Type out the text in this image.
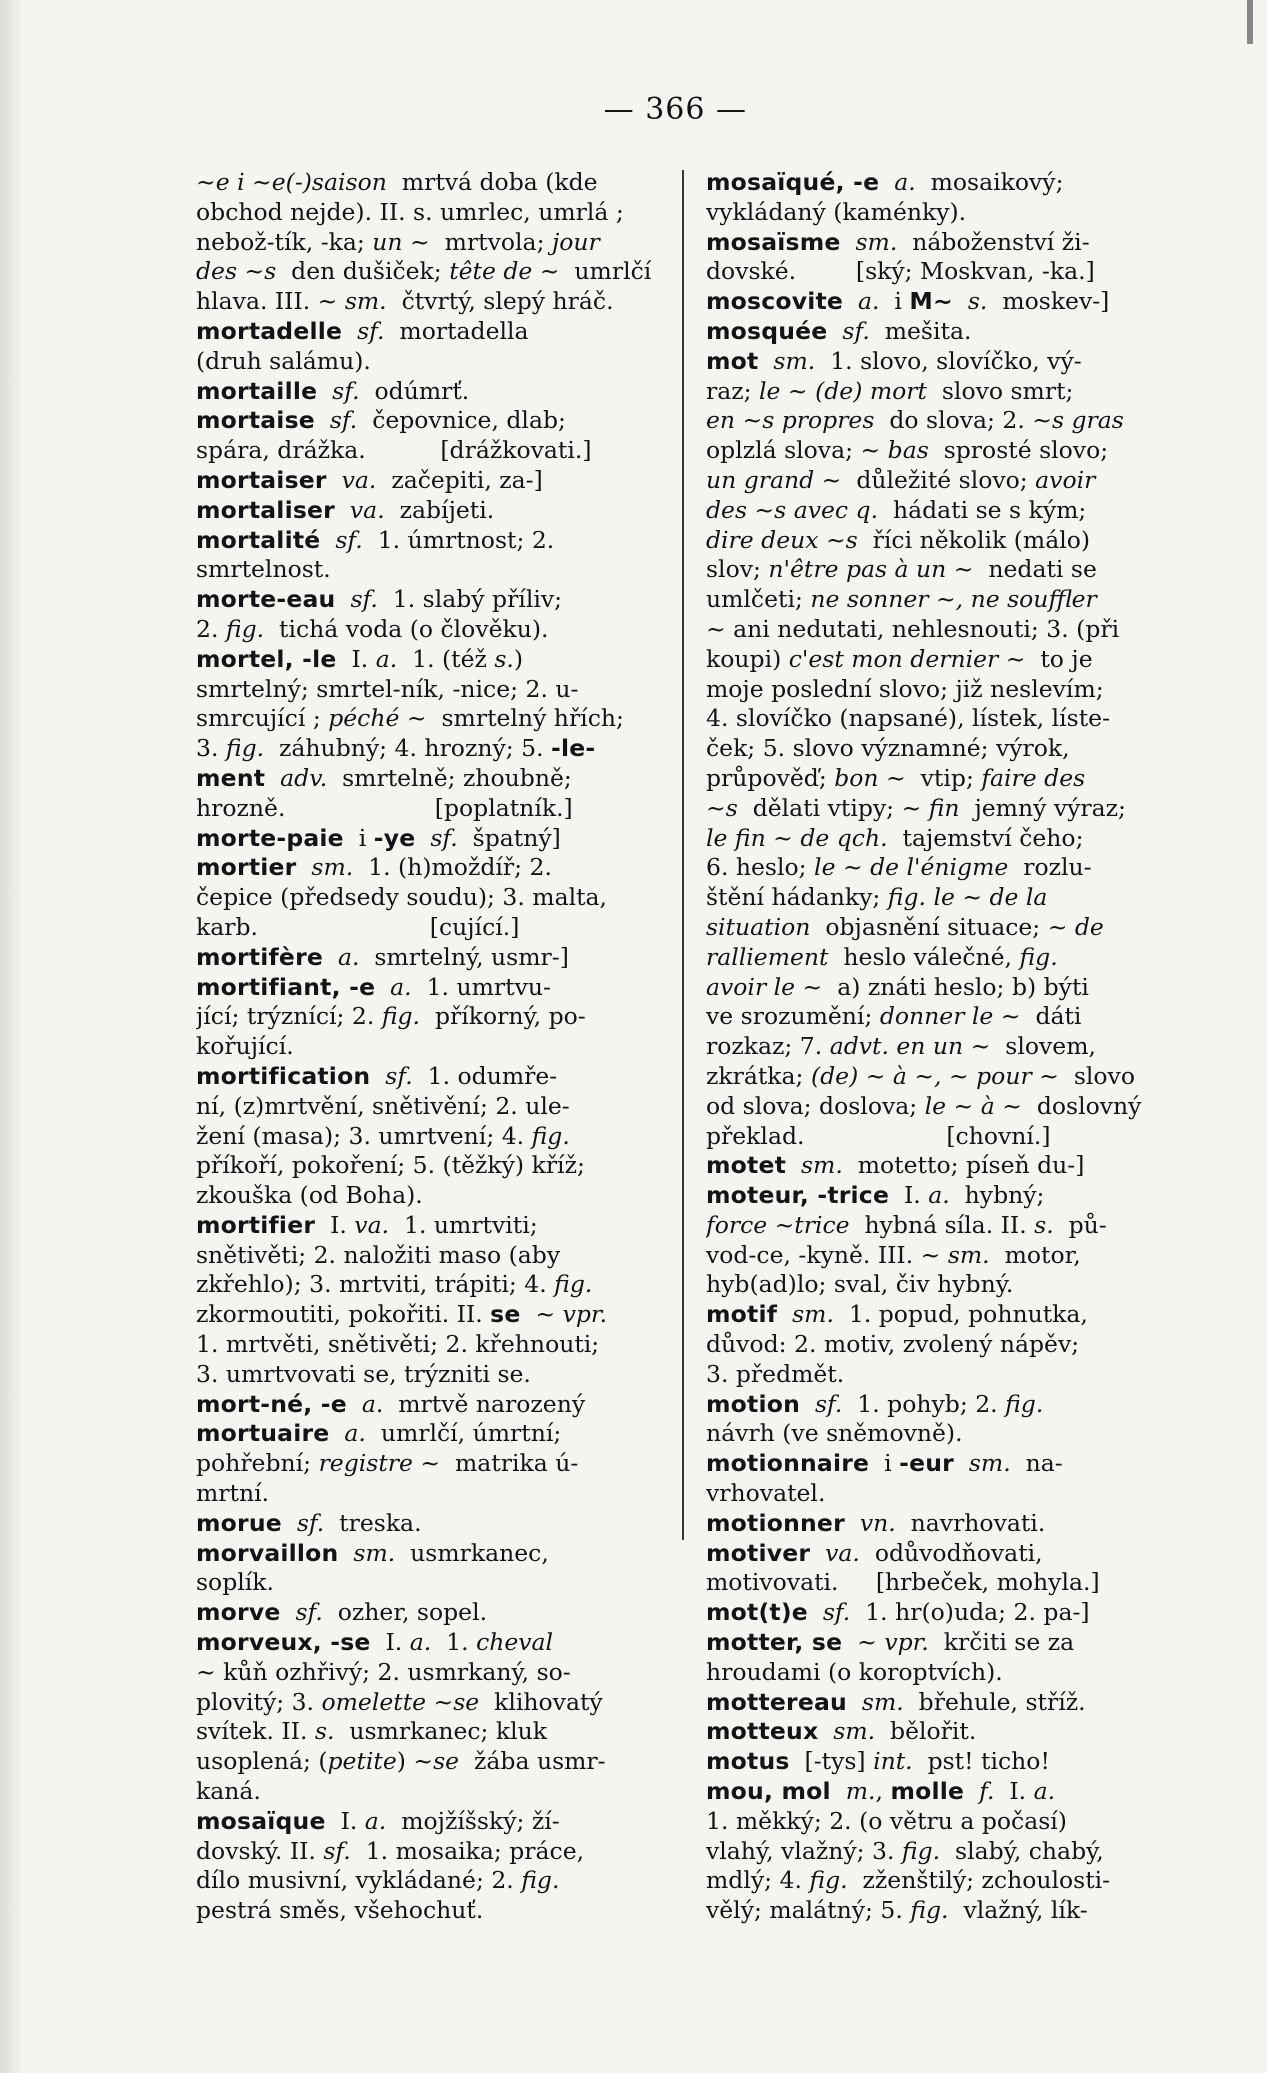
— 366 —
~e i ~e(-)saison  mrtvá doba (kde
obchod nejde). II. s. umrlec, umrlá ;
nebož-tík, -ka; un ~  mrtvola; jour
des ~s  den dušiček; tête de ~  umrlčí
hlava. III. ~ sm.  čtvrtý, slepý hráč.
mortadelle sf.  mortadella
(druh salámu).
mortaille sf.  odúmrť.
mortaise sf.  čepovnice, dlab;
spára, drážka.          [drážkovati.]
mortaiser va.  začepiti, za-]
mortaliser va.  zabíjeti.
mortalité sf.  1. úmrtnost; 2.
smrtelnost.
morte-eau sf.  1. slabý příliv;
2. fig.  tichá voda (o člověku).
mortel, -le  I. a.  1. (též s.)
smrtelný; smrtel-ník, -nice; 2. u-
smrcující ; péché ~  smrtelný hřích;
3. fig.  záhubný; 4. hrozný; 5. -le-
ment adv.  smrtelně; zhoubně;
hrozně.                    [poplatník.]
morte-paie  i -ye sf.  špatný]
mortier sm.  1. (h)moždíř; 2.
čepice (předsedy soudu); 3. malta,
karb.                       [cující.]
mortifère a.  smrtelný, usmr-]
mortifiant, -e a.  1. umrtvu-
jící; trýznící; 2. fig.  příkorný, po-
kořující.
mortification sf.  1. odumře-
ní, (z)mrtvění, snětivění; 2. ule-
žení (masa); 3. umrtvení; 4. fig.
příkoří, pokoření; 5. (těžký) kříž;
zkouška (od Boha).
mortifier  I. va.  1. umrtviti;
snětivěti; 2. naložiti maso (aby
zkřehlo); 3. mrtviti, trápiti; 4. fig.
zkormoutiti, pokořiti. II. se  ~ vpr.
1. mrtvěti, snětivěti; 2. křehnouti;
3. umrtvovati se, trýzniti se.
mort-né, -e a.  mrtvě narozený
mortuaire a.  umrlčí, úmrtní;
pohřební; registre ~  matrika ú-
mrtní.
morue sf.  treska.
morvaillon sm.  usmrkanec,
soplík.
morve sf.  ozher, sopel.
morveux, -se  I. a.  1. cheval
~ kůň ozhřivý; 2. usmrkaný, so-
plovitý; 3. omelette ~se  klihovatý
svítek. II. s.  usmrkanec; kluk
usoplená; (petite) ~se  žába usmr-
kaná.
mosaïque  I. a.  mojžíšský; ží-
dovský. II. sf.  1. mosaika; práce,
dílo musivní, vykládané; 2. fig.
pestrá směs, všehochuť.
mosaïqué, -e a.  mosaikový;
vykládaný (kaménky).
mosaïsme sm.  náboženství ži-
dovské.        [ský; Moskvan, -ka.]
moscovite a.  i M~ s.  moskev-]
mosquée sf.  mešita.
mot sm.  1. slovo, slovíčko, vý-
raz; le ~ (de) mort  slovo smrt;
en ~s propres  do slova; 2. ~s gras
oplzlá slova; ~ bas  sprosté slovo;
un grand ~  důležité slovo; avoir
des ~s avec q.  hádati se s kým;
dire deux ~s  říci několik (málo)
slov; n'être pas à un ~  nedati se
umlčeti; ne sonner ~, ne souffler
~ ani nedutati, nehlesnouti; 3. (při
koupi) c'est mon dernier ~  to je
moje poslední slovo; již neslevím;
4. slovíčko (napsané), lístek, líste-
ček; 5. slovo významné; výrok,
průpověď; bon ~  vtip; faire des
~s  dělati vtipy; ~ fin  jemný výraz;
le fin ~ de qch.  tajemství čeho;
6. heslo; le ~ de l'énigme  rozlu-
štění hádanky; fig. le ~ de la
situation  objasnění situace; ~ de
ralliement  heslo válečné, fig.
avoir le ~  a) znáti heslo; b) býti
ve srozumění; donner le ~  dáti
rozkaz; 7. advt. en un ~  slovem,
zkrátka; (de) ~ à ~, ~ pour ~  slovo
od slova; doslova; le ~ à ~  doslovný
překlad.                   [chovní.]
motet sm.  motetto; píseň du-]
moteur, -trice  I. a.  hybný;
force ~trice  hybná síla. II. s.  pů-
vod-ce, -kyně. III. ~ sm.  motor,
hyb(ad)lo; sval, čiv hybný.
motif sm.  1. popud, pohnutka,
důvod: 2. motiv, zvolený nápěv;
3. předmět.
motion sf.  1. pohyb; 2. fig.
návrh (ve sněmovně).
motionnaire  i -eur sm.  na-
vrhovatel.
motionner vn.  navrhovati.
motiver va.  odůvodňovati,
motivovati.     [hrbeček, mohyla.]
mot(t)e sf.  1. hr(o)uda; 2. pa-]
motter, se  ~ vpr.  krčiti se za
hroudami (o koroptvích).
mottereau sm.  břehule, stříž.
motteux sm.  bělořit.
motus  [-tys] int.  pst! ticho!
mou, mol m., molle f.  I. a.
1. měkký; 2. (o větru a počasí)
vlahý, vlažný; 3. fig.  slabý, chabý,
mdlý; 4. fig.  zženštilý; zchoulosti-
vělý; malátný; 5. fig.  vlažný, lík-
